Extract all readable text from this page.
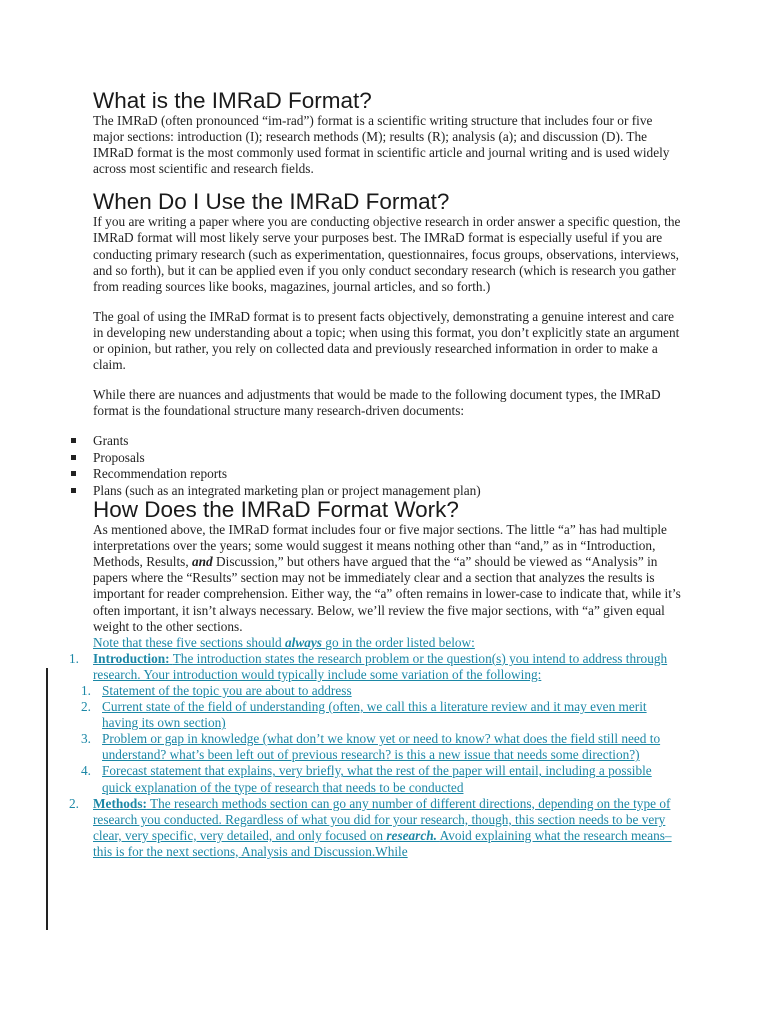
What is the IMRaD Format?

The IMRaD (often pronounced “im-rad”) format is a scientific writing structure that includes four or five major sections: introduction (I); research methods (M); results (R); analysis (a); and discussion (D). The IMRaD format is the most commonly used format in scientific article and journal writing and is used widely across most scientific and research fields.

When Do I Use the IMRaD Format?

If you are writing a paper where you are conducting objective research in order answer a specific question, the IMRaD format will most likely serve your purposes best. The IMRaD format is especially useful if you are conducting primary research (such as experimentation, questionnaires, focus groups, observations, interviews, and so forth), but it can be applied even if you only conduct secondary research (which is research you gather from reading sources like books, magazines, journal articles, and so forth.)

The goal of using the IMRaD format is to present facts objectively, demonstrating a genuine interest and care in developing new understanding about a topic; when using this format, you don’t explicitly state an argument or opinion, but rather, you rely on collected data and previously researched information in order to make a claim.

While there are nuances and adjustments that would be made to the following document types, the IMRaD format is the foundational structure many research-driven documents:

Grants
Proposals
Recommendation reports
Plans (such as an integrated marketing plan or project management plan)
How Does the IMRaD Format Work?

As mentioned above, the IMRaD format includes four or five major sections. The little “a” has had multiple interpretations over the years; some would suggest it means nothing other than “and,” as in “Introduction, Methods, Results, and Discussion,” but others have argued that the “a” should be viewed as “Analysis” in papers where the “Results” section may not be immediately clear and a section that analyzes the results is important for reader comprehension. Either way, the “a” often remains in lower-case to indicate that, while it’s often important, it isn’t always necessary. Below, we’ll review the five major sections, with “a” given equal weight to the other sections.

Note that these five sections should always go in the order listed below:

1. Introduction: The introduction states the research problem or the question(s) you intend to address through research. Your introduction would typically include some variation of the following:
1. Statement of the topic you are about to address
2. Current state of the field of understanding (often, we call this a literature review and it may even merit having its own section)
3. Problem or gap in knowledge (what don’t we know yet or need to know? what does the field still need to understand? what’s been left out of previous research? is this a new issue that needs some direction?)
4. Forecast statement that explains, very briefly, what the rest of the paper will entail, including a possible quick explanation of the type of research that needs to be conducted
2. Methods: The research methods section can go any number of different directions, depending on the type of research you conducted. Regardless of what you did for your research, though, this section needs to be very clear, very specific, very detailed, and only focused on research. Avoid explaining what the research means–this is for the next sections, Analysis and Discussion.While
